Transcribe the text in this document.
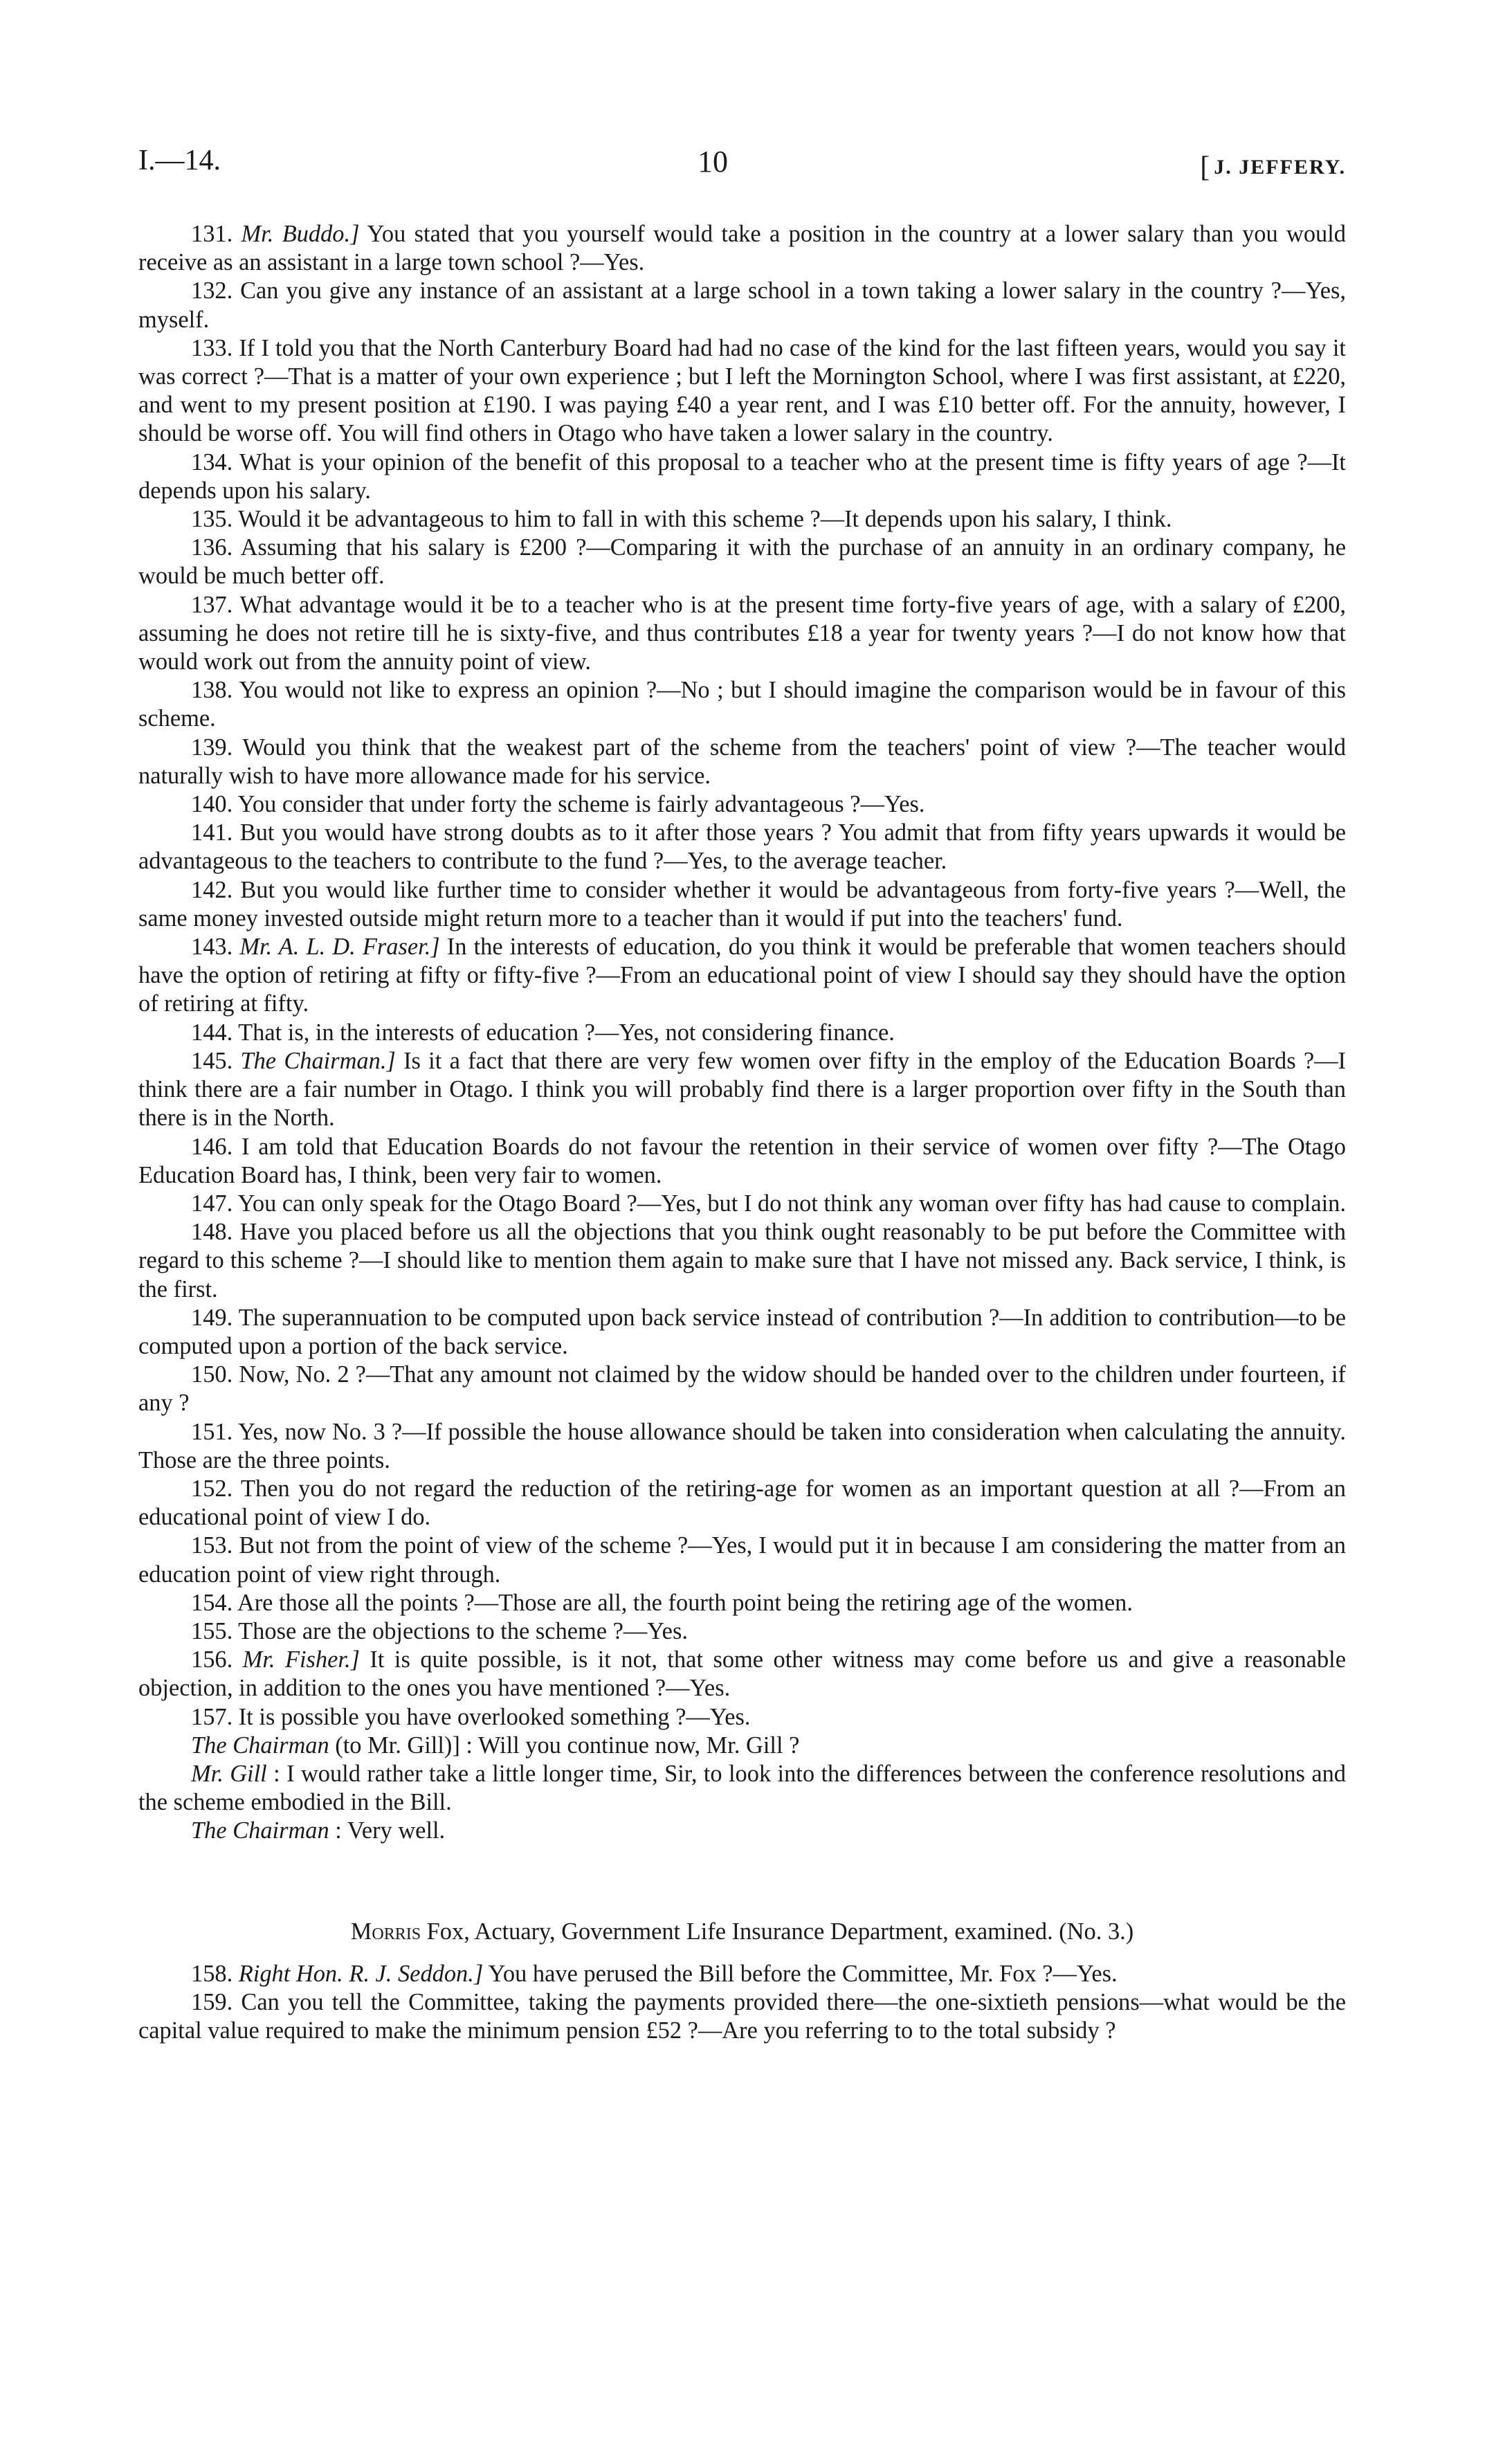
I.—14.	10	[ J. JEFFERY.

131. Mr. Buddo.] You stated that you yourself would take a position in the country at a lower salary than you would receive as an assistant in a large town school ?—Yes.

132. Can you give any instance of an assistant at a large school in a town taking a lower salary in the country ?—Yes, myself.

133. If I told you that the North Canterbury Board had had no case of the kind for the last fifteen years, would you say it was correct ?—That is a matter of your own experience ; but I left the Mornington School, where I was first assistant, at £220, and went to my present position at £190. I was paying £40 a year rent, and I was £10 better off. For the annuity, however, I should be worse off. You will find others in Otago who have taken a lower salary in the country.

134. What is your opinion of the benefit of this proposal to a teacher who at the present time is fifty years of age ?—It depends upon his salary.

135. Would it be advantageous to him to fall in with this scheme ?—It depends upon his salary, I think.

136. Assuming that his salary is £200 ?—Comparing it with the purchase of an annuity in an ordinary company, he would be much better off.

137. What advantage would it be to a teacher who is at the present time forty-five years of age, with a salary of £200, assuming he does not retire till he is sixty-five, and thus contributes £18 a year for twenty years ?—I do not know how that would work out from the annuity point of view.

138. You would not like to express an opinion ?—No ; but I should imagine the comparison would be in favour of this scheme.

139. Would you think that the weakest part of the scheme from the teachers' point of view ?—The teacher would naturally wish to have more allowance made for his service.

140. You consider that under forty the scheme is fairly advantageous ?—Yes.

141. But you would have strong doubts as to it after those years ? You admit that from fifty years upwards it would be advantageous to the teachers to contribute to the fund ?—Yes, to the average teacher.

142. But you would like further time to consider whether it would be advantageous from forty-five years ?—Well, the same money invested outside might return more to a teacher than it would if put into the teachers' fund.

143. Mr. A. L. D. Fraser.] In the interests of education, do you think it would be preferable that women teachers should have the option of retiring at fifty or fifty-five ?—From an educational point of view I should say they should have the option of retiring at fifty.

144. That is, in the interests of education ?—Yes, not considering finance.

145. The Chairman.] Is it a fact that there are very few women over fifty in the employ of the Education Boards ?—I think there are a fair number in Otago. I think you will probably find there is a larger proportion over fifty in the South than there is in the North.

146. I am told that Education Boards do not favour the retention in their service of women over fifty ?—The Otago Education Board has, I think, been very fair to women.

147. You can only speak for the Otago Board ?—Yes, but I do not think any woman over fifty has had cause to complain.

148. Have you placed before us all the objections that you think ought reasonably to be put before the Committee with regard to this scheme ?—I should like to mention them again to make sure that I have not missed any. Back service, I think, is the first.

149. The superannuation to be computed upon back service instead of contribution ?—In addition to contribution—to be computed upon a portion of the back service.

150. Now, No. 2 ?—That any amount not claimed by the widow should be handed over to the children under fourteen, if any ?

151. Yes, now No. 3 ?—If possible the house allowance should be taken into consideration when calculating the annuity. Those are the three points.

152. Then you do not regard the reduction of the retiring-age for women as an important question at all ?—From an educational point of view I do.

153. But not from the point of view of the scheme ?—Yes, I would put it in because I am considering the matter from an education point of view right through.

154. Are those all the points ?—Those are all, the fourth point being the retiring age of the women.

155. Those are the objections to the scheme ?—Yes.

156. Mr. Fisher.] It is quite possible, is it not, that some other witness may come before us and give a reasonable objection, in addition to the ones you have mentioned ?—Yes.

157. It is possible you have overlooked something ?—Yes.

The Chairman (to Mr. Gill)] : Will you continue now, Mr. Gill ?

Mr. Gill : I would rather take a little longer time, Sir, to look into the differences between the conference resolutions and the scheme embodied in the Bill.

The Chairman : Very well.

Morris Fox, Actuary, Government Life Insurance Department, examined. (No. 3.)

158. Right Hon. R. J. Seddon.] You have perused the Bill before the Committee, Mr. Fox ?—Yes.

159. Can you tell the Committee, taking the payments provided there—the one-sixtieth pensions—what would be the capital value required to make the minimum pension £52 ?—Are you referring to to the total subsidy ?
